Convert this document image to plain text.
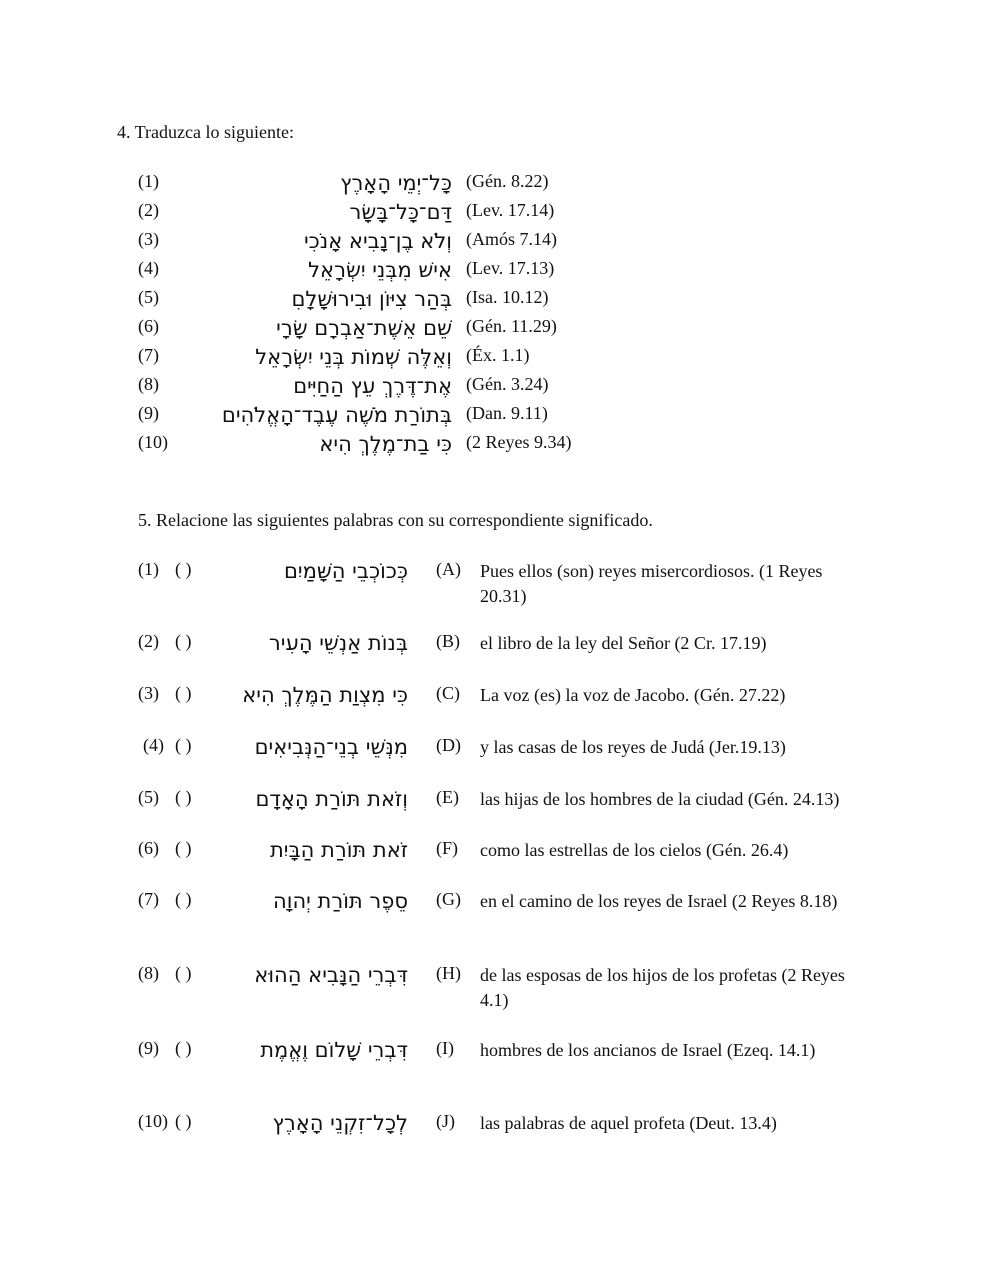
4. Traduzca lo siguiente:
(1)	כָּל־יְמֵי הָאָרֶץ (Gén. 8.22)
(2)	דַּם־כָּל־בָּשָׂר (Lev. 17.14)
(3)	וְלֹא בֶן־נָבִיא אָנֹכִי (Amós 7.14)
(4)	אִישׁ מִבְּנֵי יִשְׂרָאֵל (Lev. 17.13)
(5)	בְּהַר צִיּוֹן וּבִירוּשָׁלָםִ (Isa. 10.12)
(6)	שֵׁם אֵשֶׁת־אַבְרָם שָׂרָי (Gén. 11.29)
(7)	וְאֵלֶּה שְׁמוֹת בְּנֵי יִשְׂרָאֵל (Éx. 1.1)
(8)	אֶת־דֶּרֶךְ עֵץ הַחַיִּים (Gén. 3.24)
(9)	בְּתוֹרַת מֹשֶׁה עֶבֶד־הָאֱלֹהִים (Dan. 9.11)
(10)	כִּי בַת־מֶלֶךְ הִיא (2 Reyes 9.34)
5. Relacione las siguientes palabras con su correspondiente significado.
(1) ( )	כְּכוֹכְבֵי הַשָּׁמַיִם (A) Pues ellos (son) reyes misercordiosos. (1 Reyes 20.31)
(2) ( )	בְּנוֹת אַנְשֵׁי הָעִיר (B) el libro de la ley del Señor (2 Cr. 17.19)
(3) ( ) כִּי מִצְוַת הַמֶּלֶךְ הִיא (C) La voz (es) la voz de Jacobo. (Gén. 27.22)
(4) ( )	מִנְּשֵׁי בְנֵי־הַנְּבִיאִים (D) y las casas de los reyes de Judá (Jer.19.13)
(5) ( )	וְזֹאת תּוֹרַת הָאָדָם (E) las hijas de los hombres de la ciudad (Gén. 24.13)
(6) ( )	זֹאת תּוֹרַת הַבָּיִת (F) como las estrellas de los cielos (Gén. 26.4)
(7) ( )	סֵפֶר תּוֹרַת יְהוָה (G) en el camino de los reyes de Israel (2 Reyes 8.18)
(8) ( )	דִּבְרֵי הַנָּבִיא הַהוּא (H) de las esposas de los hijos de los profetas (2 Reyes 4.1)
(9) ( )	דִּבְרֵי שָׁלוֹם וֶאֱמֶת (I) hombres de los ancianos de Israel (Ezeq. 14.1)
(10) ( )	לְכָל־זִקְנֵי הָאָרֶץ (J) las palabras de aquel profeta (Deut. 13.4)
